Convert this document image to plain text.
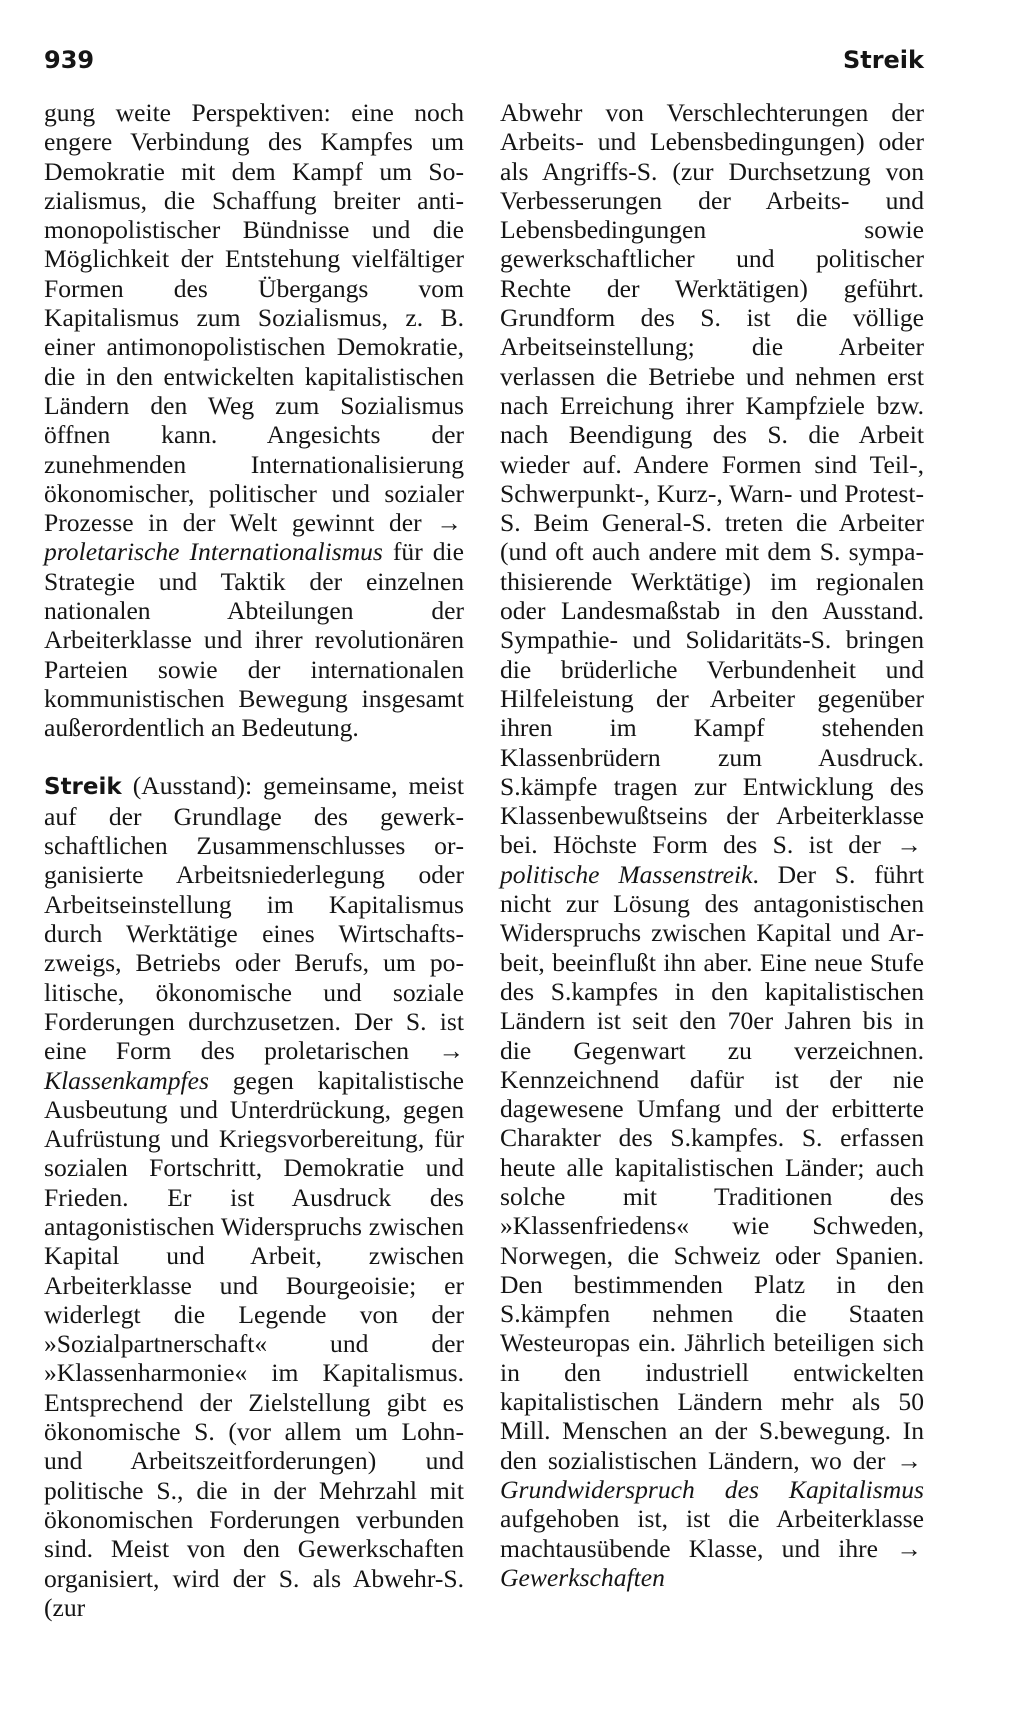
939	Streik

gung weite Perspektiven: eine noch engere Verbindung des Kampfes um Demokratie mit dem Kampf um Sozialismus, die Schaffung breiter antimonopolistischer Bündnisse und die Möglichkeit der Entstehung vielfältiger Formen des Übergangs vom Kapitalismus zum Sozialismus, z. B. einer antimonopolistischen Demokratie, die in den entwickelten kapitalistischen Ländern den Weg zum Sozialismus öffnen kann. Angesichts der zunehmenden Internationalisierung ökonomischer, politischer und sozialer Prozesse in der Welt gewinnt der → proletarische Internationalismus für die Strategie und Taktik der einzelnen nationalen Abteilungen der Arbeiterklasse und ihrer revolutionären Parteien sowie der internationalen kommunistischen Bewegung insgesamt außerordentlich an Bedeutung.

Streik (Ausstand): gemeinsame, meist auf der Grundlage des gewerkschaftlichen Zusammenschlusses organisierte Arbeitsniederlegung oder Arbeitseinstellung im Kapitalismus durch Werktätige eines Wirtschaftszweigs, Betriebs oder Berufs, um politische, ökonomische und soziale Forderungen durchzusetzen. Der S. ist eine Form des proletarischen → Klassenkampfes gegen kapitalistische Ausbeutung und Unterdrückung, gegen Aufrüstung und Kriegsvorbereitung, für sozialen Fortschritt, Demokratie und Frieden. Er ist Ausdruck des antagonistischen Widerspruchs zwischen Kapital und Arbeit, zwischen Arbeiterklasse und Bourgeoisie; er widerlegt die Legende von der »Sozialpartnerschaft« und der »Klassenharmonie« im Kapitalismus. Entsprechend der Zielstellung gibt es ökonomische S. (vor allem um Lohn- und Arbeitszeitforderungen) und politische S., die in der Mehrzahl mit ökonomischen Forderungen verbunden sind. Meist von den Gewerkschaften organisiert, wird der S. als Abwehr-S. (zur

Abwehr von Verschlechterungen der Arbeits- und Lebensbedingungen) oder als Angriffs-S. (zur Durchsetzung von Verbesserungen der Arbeits- und Lebensbedingungen sowie gewerkschaftlicher und politischer Rechte der Werktätigen) geführt. Grundform des S. ist die völlige Arbeitseinstellung; die Arbeiter verlassen die Betriebe und nehmen erst nach Erreichung ihrer Kampfziele bzw. nach Beendigung des S. die Arbeit wieder auf. Andere Formen sind Teil-, Schwerpunkt-, Kurz-, Warn- und Protest-S. Beim General-S. treten die Arbeiter (und oft auch andere mit dem S. sympathisierende Werktätige) im regionalen oder Landesmaßstab in den Ausstand. Sympathie- und Solidaritäts-S. bringen die brüderliche Verbundenheit und Hilfeleistung der Arbeiter gegenüber ihren im Kampf stehenden Klassenbrüdern zum Ausdruck. S.kämpfe tragen zur Entwicklung des Klassenbewußtseins der Arbeiterklasse bei. Höchste Form des S. ist der → politische Massenstreik. Der S. führt nicht zur Lösung des antagonistischen Widerspruchs zwischen Kapital und Arbeit, beeinflußt ihn aber. Eine neue Stufe des S.kampfes in den kapitalistischen Ländern ist seit den 70er Jahren bis in die Gegenwart zu verzeichnen. Kennzeichnend dafür ist der nie dagewesene Umfang und der erbitterte Charakter des S.kampfes. S. erfassen heute alle kapitalistischen Länder; auch solche mit Traditionen des »Klassenfriedens« wie Schweden, Norwegen, die Schweiz oder Spanien. Den bestimmenden Platz in den S.kämpfen nehmen die Staaten Westeuropas ein. Jährlich beteiligen sich in den industriell entwickelten kapitalistischen Ländern mehr als 50 Mill. Menschen an der S.bewegung. In den sozialistischen Ländern, wo der → Grundwiderspruch des Kapitalismus aufgehoben ist, ist die Arbeiterklasse machtausübende Klasse, und ihre → Gewerkschaften
